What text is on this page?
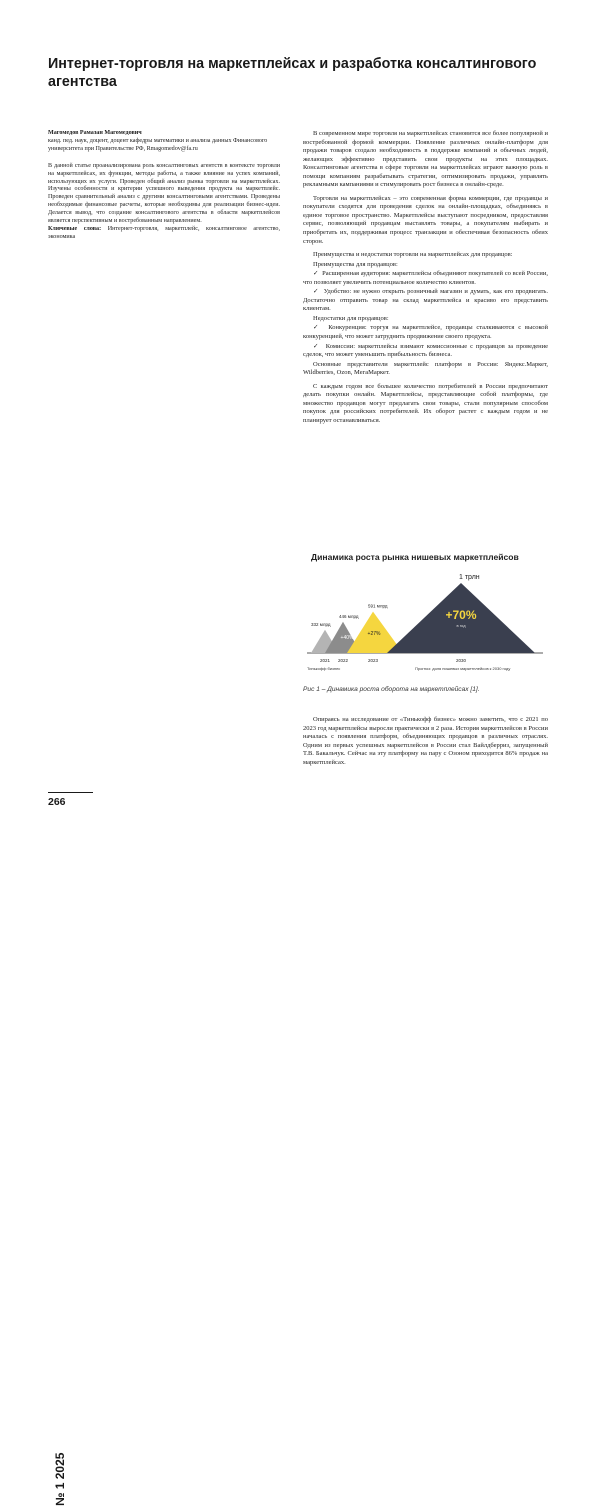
Интернет-торговля на маркетплейсах и разработка консалтингового агентства

Магомедов Рамазан Магомедович

канд. пед. наук, доцент, доцент кафедры математики и анализа данных Финансового университета при Правительстве РФ, Rmagomedov@fa.ru

В данной статье проанализирована роль консалтинговых агентств в контексте торговли на маркетплейсах, их функции, методы работы, а также влияние на успех компаний, использующих их услуги. Проведен общий анализ рынка торговли на маркетплейсах. Изучены особенности и критерии успешного выведения продукта на маркетплейс. Проведен сравнительный анализ с другими консалтинговыми агентствами. Проведены необходимые финансовые расчеты, которые необходимы для реализации бизнес-идеи. Делается вывод, что создание консалтингового агентства в области маркетплейсов является перспективным и востребованным направлением.

Ключевые слова: Интернет-торговля, маркетплейс, консалтинговое агентство, экономика

В современном мире торговля на маркетплейсах становится все более популярной и востребованной формой коммерции. Появление различных онлайн-платформ для продажи товаров создало необходимость в поддержке компаний и обычных людей, желающих эффективно представить свои продукты на этих площадках. Консалтинговые агентства в сфере торговли на маркетплейсах играют важную роль в помощи компаниям разрабатывать стратегии, оптимизировать продажи, управлять рекламными кампаниями и стимулировать рост бизнеса в онлайн-среде.

Торговля на маркетплейсах – это современная форма коммерции, где продавцы и покупатели сходятся для проведения сделок на онлайн-площадках, объединяясь в единое торговое пространство. Маркетплейсы выступают посредником, предоставляя сервис, позволяющий продавцам выставлять товары, а покупателям выбирать и приобретать их, поддерживая процесс транзакции и обеспечивая безопасность обеих сторон.

Преимущества и недостатки торговли на маркетплейсах для продавцов:

Преимущества для продавцов:

✓ Расширенная аудитория: маркетплейсы объединяют покупателей со всей России, что позволяет увеличить потенциальное количество клиентов.

✓ Удобство: не нужно открыть розничный магазин и думать, как его продвигать. Достаточно отправить товар на склад маркетплейса и красиво его представить клиентам.

Недостатки для продавцов:

✓ Конкуренция: торгуя на маркетплейсе, продавцы сталкиваются с высокой конкуренцией, что может затруднить продвижение своего продукта.

✓ Комиссии: маркетплейсы взимают комиссионные с продавцов за проведение сделок, что может уменьшить прибыльность бизнеса.

Основные представители маркетплейс платформ в России: Яндекс.Маркет, Wildberries, Ozon, МегаМаркет.

С каждым годом все большее количество потребителей в России предпочитают делать покупки онлайн. Маркетплейсы, представляющие собой платформы, где множество продавцов могут предлагать свои товары, стали популярным способом покупок для российских потребителей. Их оборот растет с каждым годом и не планирует останавливаться.

Динамика роста рынка нишевых маркетплейсов

332 млрд
2021
446 млрд
2022
591 млрд
2023
1 трлн
2030
+40%
+27%
+70%
в год
Тинькофф бизнес	Прогноз: доля нишевых маркетплейсов к 2030 году

Рис 1 – Динамика роста оборота на маркетплейсах [1].

Опираясь на исследование от «Тинькофф бизнес» можно заметить, что с 2021 по 2023 год маркетплейсы выросли практически в 2 раза. История маркетплейсов в России началась с появления платформ, объединяющих продавцов в различных отраслях. Одним из первых успешных маркетплейсов в России стал Вайлдберриз, запущенный Т.В. Бакальчук. Сейчас на эту платформу на пару с Озоном приходится 86% продаж на маркетплейсах.

№ 1 2025

266
